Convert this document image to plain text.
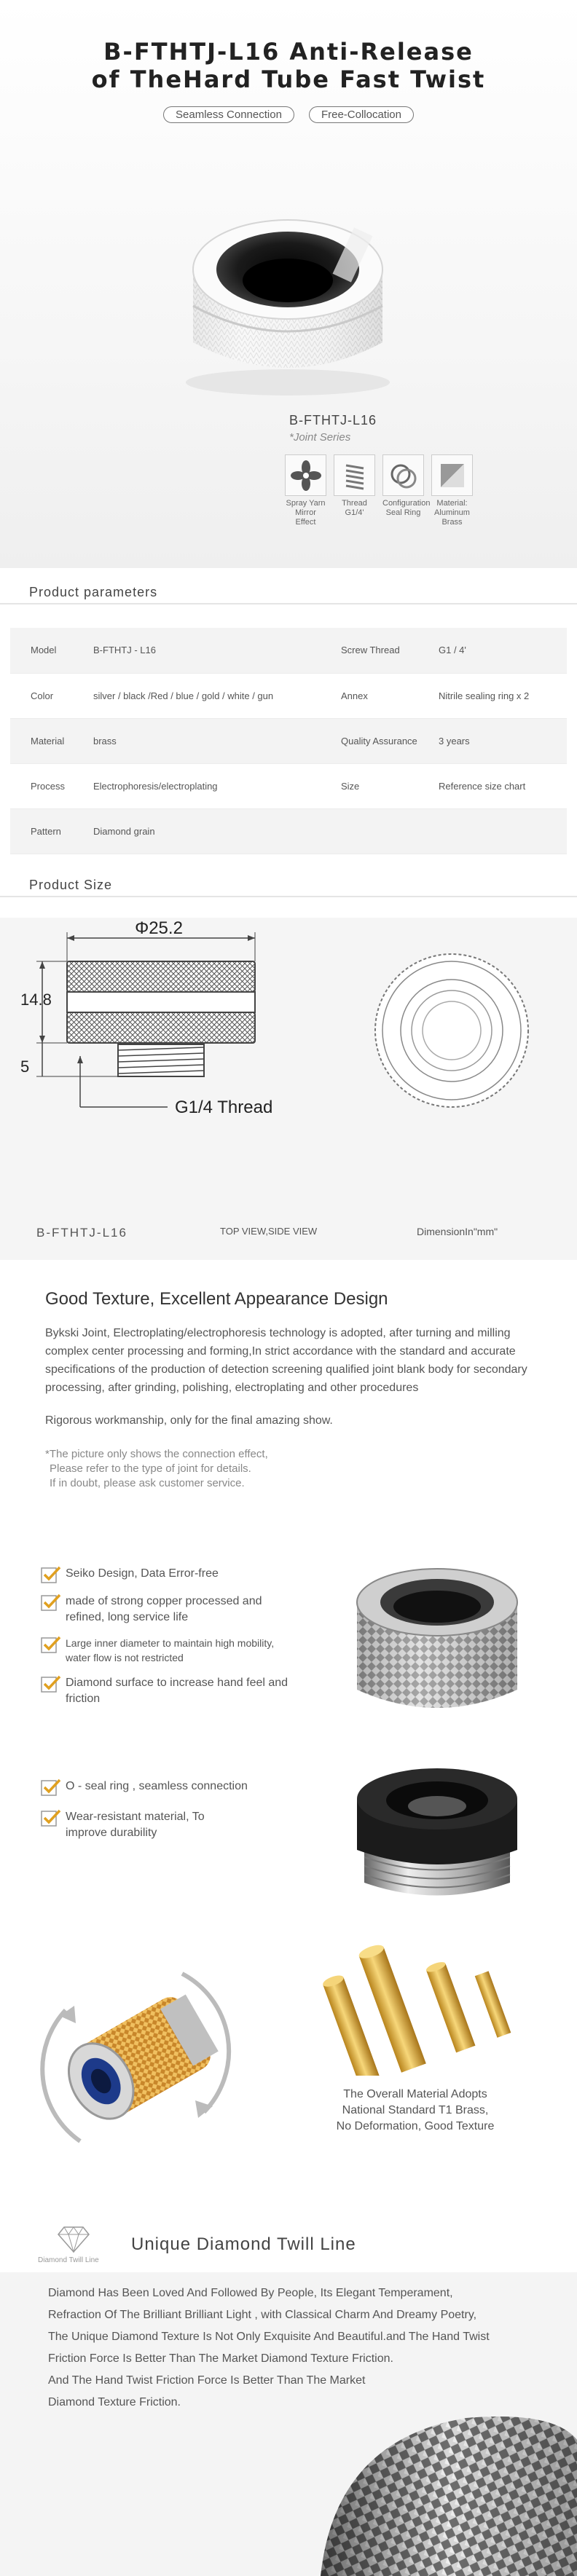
B-FTHTJ-L16 Anti-Release
of TheHard Tube Fast Twist
Seamless Connection	Free-Collocation
B-FTHTJ-L16
*Joint Series
Spray Yarn Mirror Effect
Thread G1/4'
Configuration Seal Ring
Material: Aluminum Brass
Product parameters
Model	B-FTHTJ - L16	Screw Thread	G1 / 4'
Color	silver / black /Red / blue / gold / white / gun	Annex	Nitrile sealing ring x 2
Material	brass	Quality Assurance	3 years
Process	Electrophoresis/electroplating	Size	Reference size chart
Pattern	Diamond grain		
Product Size
Φ25.2
14.8
5
G1/4 Thread
B-FTHTJ-L16	TOP VIEW,SIDE VIEW	DimensionIn"mm"
Good Texture, Excellent Appearance Design

Bykski Joint, Electroplating/electrophoresis technology is adopted, after turning and milling complex center processing and forming,In strict accordance with the standard and accurate specifications of the production of detection screening qualified joint blank body for secondary processing, after grinding, polishing, electroplating and other procedures

Rigorous workmanship, only for the final amazing show.

*The picture only shows the connection effect,
Please refer to the type of joint for details.
If in doubt, please ask customer service.
Seiko Design, Data Error-free
made of strong copper processed and refined, long service life
Large inner diameter to maintain high mobility, water flow is not restricted
Diamond surface to increase hand feel and friction
O - seal ring , seamless connection
Wear-resistant material, To improve durability
The Overall Material Adopts
National Standard T1 Brass,
No Deformation, Good Texture
Diamond Twill Line
Unique Diamond Twill Line
Diamond Has Been Loved And Followed By People, Its Elegant Temperament,
Refraction Of The Brilliant Brilliant Light , with Classical Charm And Dreamy Poetry,
The Unique Diamond Texture Is Not Only Exquisite And Beautiful.and The Hand Twist
Friction Force Is Better Than The Market Diamond Texture Friction.
And The Hand Twist Friction Force Is Better Than The Market
Diamond Texture Friction.
